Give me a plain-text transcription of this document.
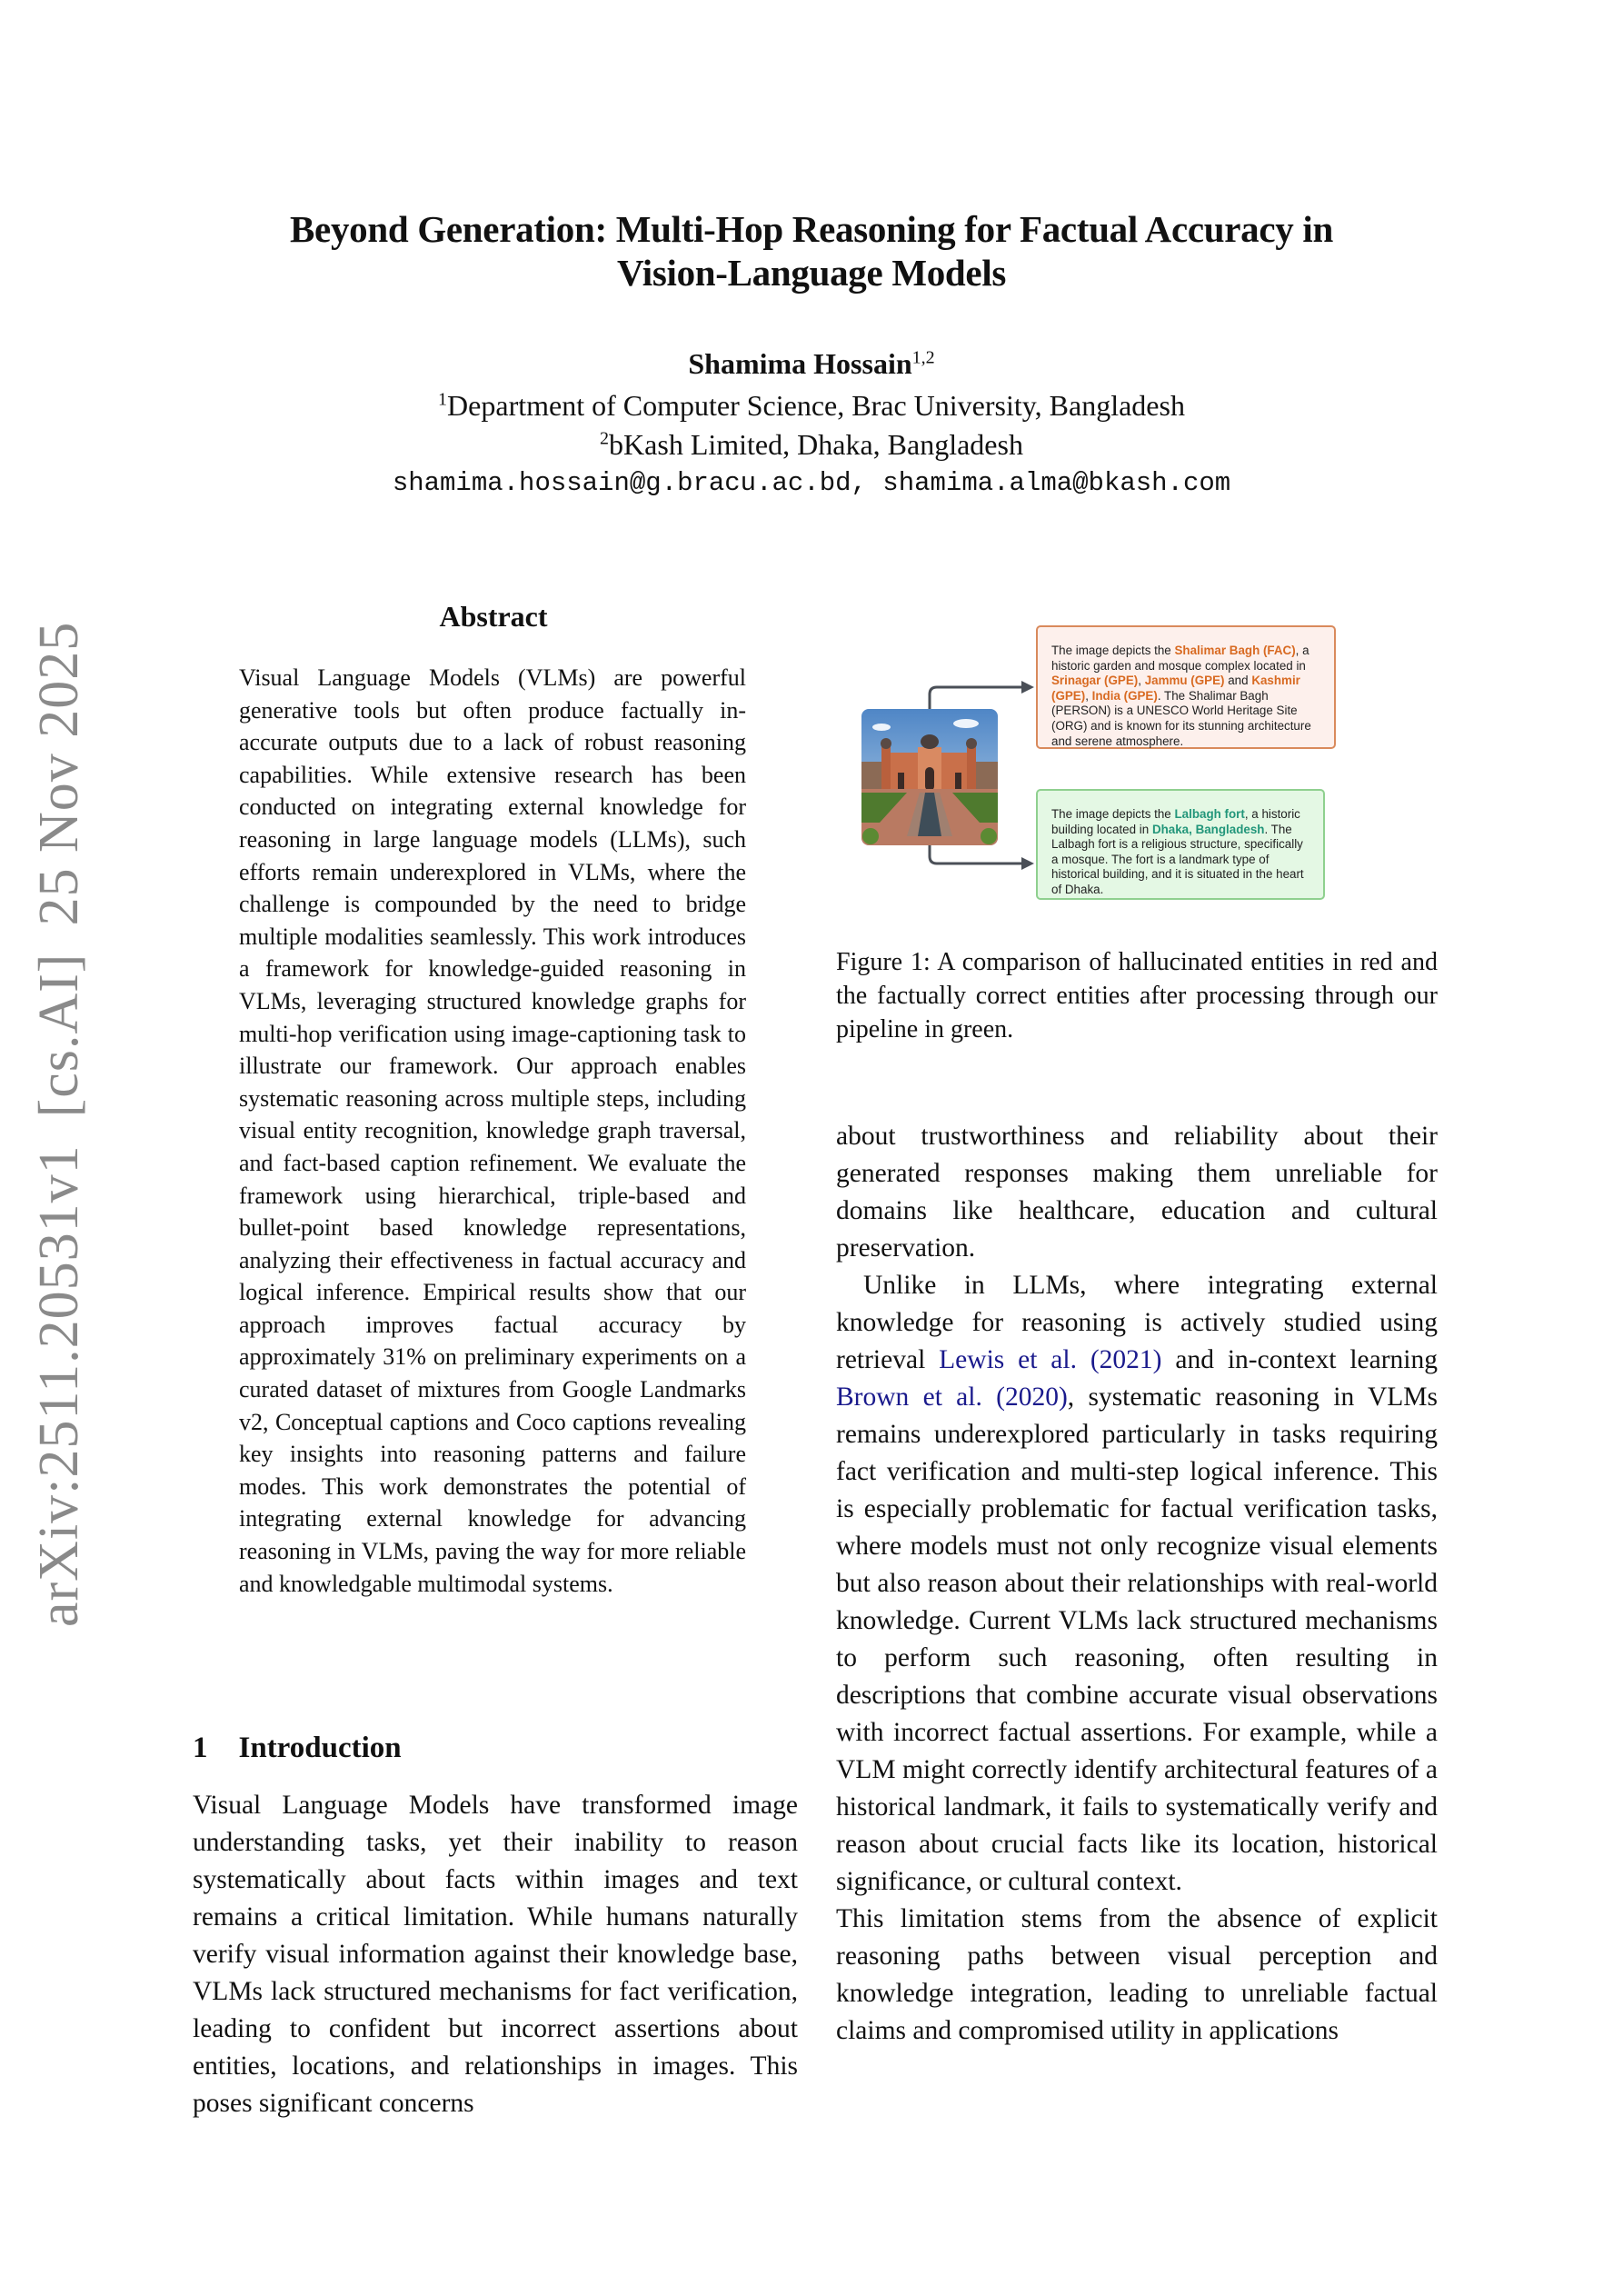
arXiv:2511.20531v1[cs.AI]25 Nov 2025
Beyond Generation: Multi-Hop Reasoning for Factual Accuracy in
Vision-Language Models
Shamima Hossain$^{1,2}$
$^1$Department of Computer Science, Brac University, Bangladesh
$^2$bKash Limited, Dhaka, Bangladesh
shamima.hossain@g.bracu.ac.bd, shamima.alma@bkash.com
Abstract
Visual Language Models (VLMs) are powerful generative tools but often produce factually inaccurate outputs due to a lack of robust reasoning capabilities. While extensive research has been conducted on integrating external knowledge for reasoning in large language models (LLMs), such efforts remain underexplored in VLMs, where the challenge is compounded by the need to bridge multiple modalities seamlessly. This work introduces a framework for knowledge-guided reasoning in VLMs, leveraging structured knowledge graphs for multi-hop verification using image-captioning task to illustrate our framework. Our approach enables systematic reasoning across multiple steps, including visual entity recognition, knowledge graph traversal, and fact-based caption refinement. We evaluate the framework using hierarchical, triple-based and bullet-point based knowledge representations, analyzing their effectiveness in factual accuracy and logical inference. Empirical results show that our approach improves factual accuracy by approximately 31% on preliminary experiments on a curated dataset of mixtures from Google Landmarks v2, Conceptual captions and Coco captions revealing key insights into reasoning patterns and failure modes. This work demonstrates the potential of integrating external knowledge for advancing reasoning in VLMs, paving the way for more reliable and knowledgable multimodal systems.
1 Introduction

Visual Language Models have transformed image understanding tasks, yet their inability to reason systematically about facts within images and text remains a critical limitation. While humans naturally verify visual information against their knowledge base, VLMs lack structured mechanisms for fact verification, leading to confident but incorrect assertions about entities, locations, and relationships in images. This poses significant concerns

The image depicts the Shalimar Bagh (FAC), a historic garden and mosque complex located in Srinagar (GPE), Jammu (GPE) and Kashmir (GPE), India (GPE). The Shalimar Bagh (PERSON) is a UNESCO World Heritage Site (ORG) and is known for its stunning architecture and serene atmosphere.
The image depicts the Lalbagh fort, a historic building located in Dhaka, Bangladesh. The Lalbagh fort is a religious structure, specifically a mosque. The fort is a landmark type of historical building, and it is situated in the heart of Dhaka.
Figure 1: A comparison of hallucinated entities in red and the factually correct entities after processing through our pipeline in green.

about trustworthiness and reliability about their generated responses making them unreliable for domains like healthcare, education and cultural preservation.

Unlike in LLMs, where integrating external knowledge for reasoning is actively studied using retrieval Lewis et al. (2021) and in-context learning Brown et al. (2020), systematic reasoning in VLMs remains underexplored particularly in tasks requiring fact verification and multi-step logical inference. This is especially problematic for factual verification tasks, where models must not only recognize visual elements but also reason about their relationships with real-world knowledge. Current VLMs lack structured mechanisms to perform such reasoning, often resulting in descriptions that combine accurate visual observations with incorrect factual assertions. For example, while a VLM might correctly identify architectural features of a historical landmark, it fails to systematically verify and reason about crucial facts like its location, historical significance, or cultural context.

This limitation stems from the absence of explicit reasoning paths between visual perception and knowledge integration, leading to unreliable factual claims and compromised utility in applications
